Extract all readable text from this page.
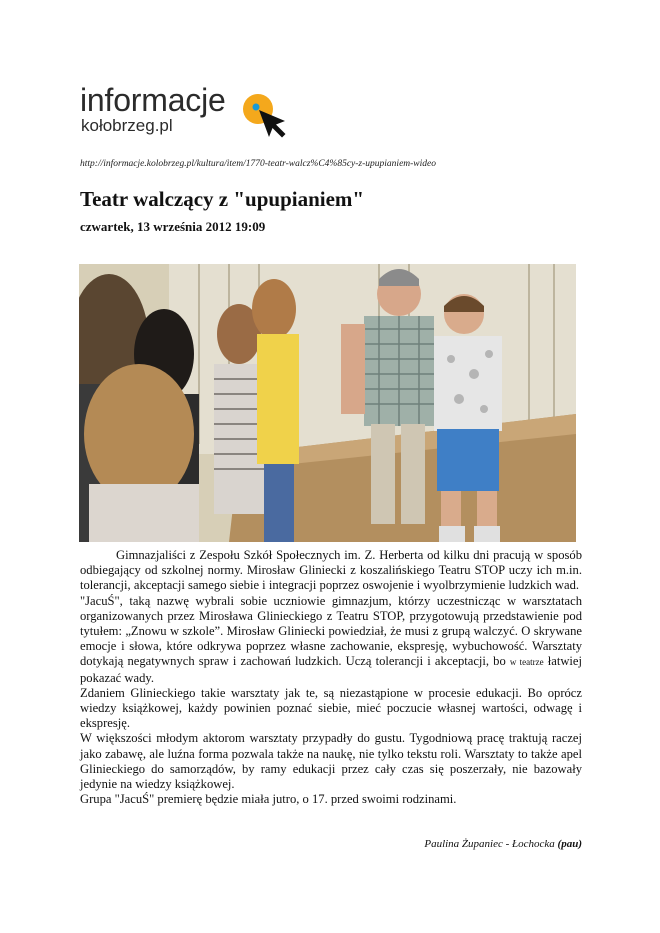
informacje
kołobrzeg.pl
http://informacje.kolobrzeg.pl/kultura/item/1770-teatr-walcz%C4%85cy-z-upupianiem-wideo
Teatr walczący z "upupianiem"
czwartek, 13 września 2012 19:09

Gimnazjaliści z Zespołu Szkół Społecznych im. Z. Herberta od kilku dni pracują w sposób odbiegający od szkolnej normy. Mirosław Gliniecki z koszalińskiego Teatru STOP uczy ich m.in. tolerancji, akceptacji samego siebie i integracji poprzez oswojenie i wyolbrzymienie ludzkich wad.

"JacuŚ", taką nazwę wybrali sobie uczniowie gimnazjum, którzy uczestnicząc w warsztatach organizowanych przez Mirosława Glinieckiego z Teatru STOP, przygotowują przedstawienie pod tytułem: „Znowu w szkole”. Mirosław Gliniecki powiedział, że musi z grupą walczyć. O skrywane emocje i słowa, które odkrywa poprzez własne zachowanie, ekspresję, wybuchowość. Warsztaty dotykają negatywnych spraw i zachowań ludzkich. Uczą tolerancji i akceptacji, bo w teatrze łatwiej pokazać wady.

Zdaniem Glinieckiego takie warsztaty jak te, są niezastąpione w procesie edukacji. Bo oprócz wiedzy książkowej, każdy powinien poznać siebie, mieć poczucie własnej wartości, odwagę i ekspresję.

W większości młodym aktorom warsztaty przypadły do gustu. Tygodniową pracę traktują raczej jako zabawę, ale luźna forma pozwala także na naukę, nie tylko tekstu roli. Warsztaty to także apel Glinieckiego do samorządów, by ramy edukacji przez cały czas się poszerzały, nie bazowały jedynie na wiedzy książkowej.

Grupa "JacuŚ" premierę będzie miała jutro, o 17. przed swoimi rodzinami.

Paulina Żupaniec - Łochocka (pau)
